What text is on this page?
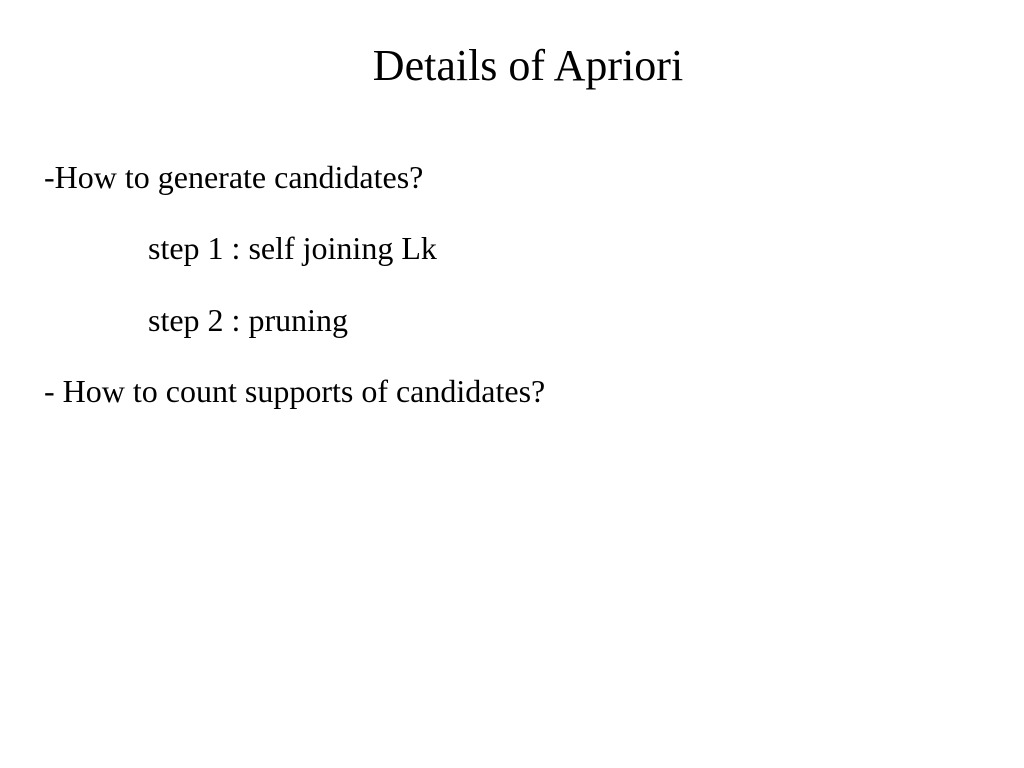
Details of Apriori
-How to generate candidates?
step 1 : self joining Lk
step 2 : pruning
- How to count supports of candidates?
